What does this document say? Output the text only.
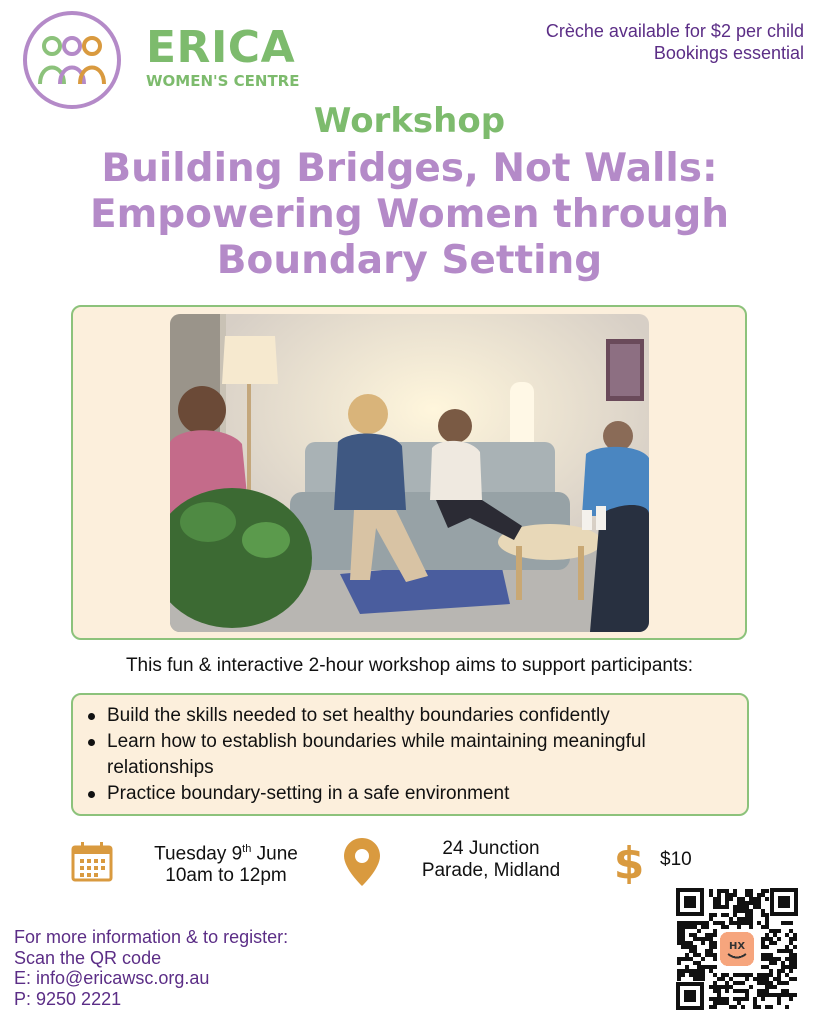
ERICA
WOMEN'S CENTRE
Crèche available for $2 per child
Bookings essential
Workshop
Building Bridges, Not Walls:
Empowering Women through
Boundary Setting
This fun & interactive 2-hour workshop aims to support participants:
Build the skills needed to set healthy boundaries confidently
Learn how to establish boundaries while maintaining meaningful relationships
Practice boundary-setting in a safe environment
Tuesday 9th June
10am to 12pm
24 Junction
Parade, Midland	$ $10
For more information & to register:
Scan the QR code
E: info@ericawsc.org.au
P: 9250 2221
HX
